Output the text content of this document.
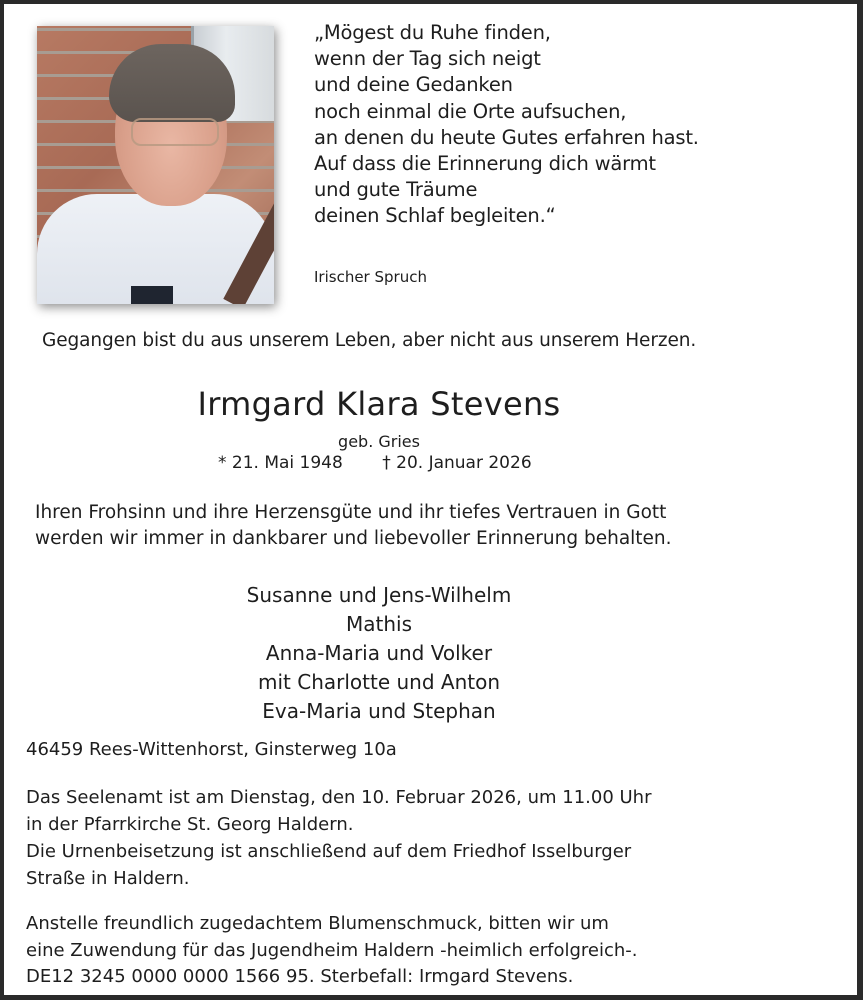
„Mögest du Ruhe finden,
wenn der Tag sich neigt
und deine Gedanken
noch einmal die Orte aufsuchen,
an denen du heute Gutes erfahren hast.
Auf dass die Erinnerung dich wärmt
und gute Träume
deinen Schlaf begleiten.“
Irischer Spruch
Gegangen bist du aus unserem Leben, aber nicht aus unserem Herzen.
Irmgard Klara Stevens
geb. Gries
* 21. Mai 1948 † 20. Januar 2026
Ihren Frohsinn und ihre Herzensgüte und ihr tiefes Vertrauen in Gott
werden wir immer in dankbarer und liebevoller Erinnerung behalten.
Susanne und Jens-Wilhelm
Mathis
Anna-Maria und Volker
mit Charlotte und Anton
Eva-Maria und Stephan
46459 Rees-Wittenhorst, Ginsterweg 10a
Das Seelenamt ist am Dienstag, den 10. Februar 2026, um 11.00 Uhr
in der Pfarrkirche St. Georg Haldern.
Die Urnenbeisetzung ist anschließend auf dem Friedhof Isselburger
Straße in Haldern.
Anstelle freundlich zugedachtem Blumenschmuck, bitten wir um
eine Zuwendung für das Jugendheim Haldern -heimlich erfolgreich-.
DE12 3245 0000 0000 1566 95. Sterbefall: Irmgard Stevens.
